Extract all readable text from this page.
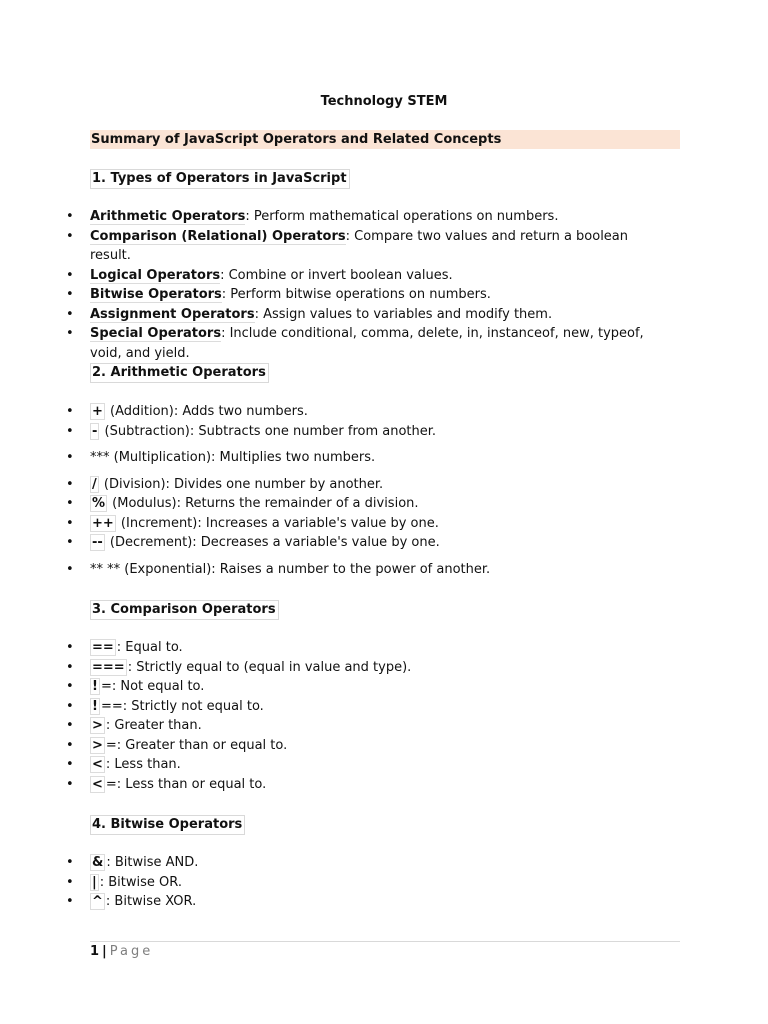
Technology STEM
Summary of JavaScript Operators and Related Concepts
1. Types of Operators in JavaScript
• Arithmetic Operators: Perform mathematical operations on numbers.
• Comparison (Relational) Operators: Compare two values and return a boolean result.
• Logical Operators: Combine or invert boolean values.
• Bitwise Operators: Perform bitwise operations on numbers.
• Assignment Operators: Assign values to variables and modify them.
• Special Operators: Include conditional, comma, delete, in, instanceof, new, typeof, void, and yield.
2. Arithmetic Operators
• + (Addition): Adds two numbers.
• - (Subtraction): Subtracts one number from another.
• *** (Multiplication): Multiplies two numbers.
• / (Division): Divides one number by another.
• % (Modulus): Returns the remainder of a division.
• ++ (Increment): Increases a variable's value by one.
• -- (Decrement): Decreases a variable's value by one.
• ** ** (Exponential): Raises a number to the power of another.
3. Comparison Operators
• == : Equal to.
• === : Strictly equal to (equal in value and type).
• ! =: Not equal to.
• ! ==: Strictly not equal to.
• > : Greater than.
• > =: Greater than or equal to.
• < : Less than.
• < =: Less than or equal to.
4. Bitwise Operators
• & : Bitwise AND.
• | : Bitwise OR.
• ^ : Bitwise XOR.
1 | Page
